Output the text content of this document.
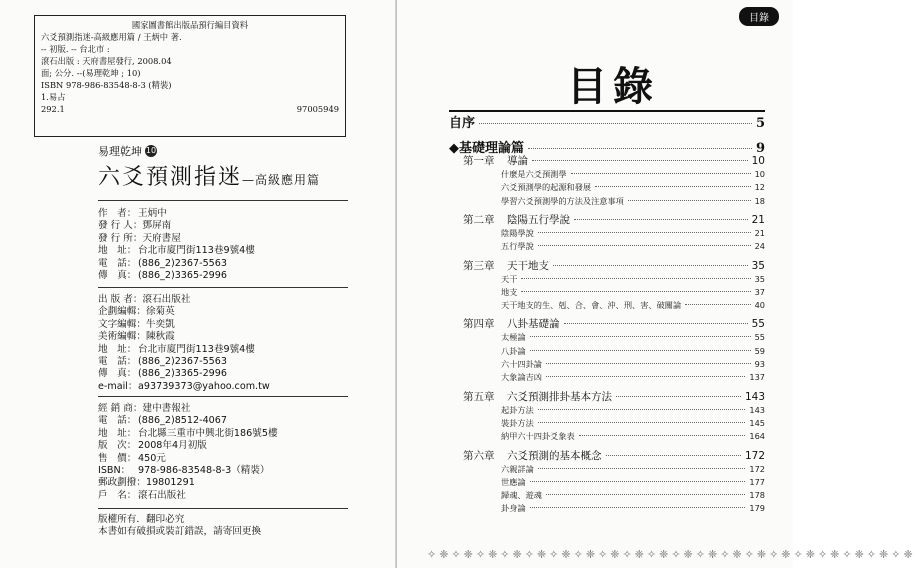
國家圖書館出版品預行編目資料
六爻預測指迷-高級應用篇 / 王炳中 著.
-- 初版. -- 台北市 :
滾石出版 : 天府書屋發行, 2008.04
面; 公分. --(易理乾坤 ; 10)
ISBN 978-986-83548-8-3 (精裝)
1.易占
292.1	97005949
易理乾坤 10
六爻預測指迷—高級應用篇
作　者： 王炳中
發 行 人：鄧屏南
發 行 所：天府書屋
地　址： 台北市廈門街113巷9號4樓
電　話： (886_2)2367-5563
傳　真： (886_2)3365-2996
出 版 者：滾石出版社
企劃編輯：徐菊英
文字編輯：牛奕凱
美術編輯：陳秋霞
地　址： 台北市廈門街113巷9號4樓
電　話： (886_2)2367-5563
傳　真： (886_2)3365-2996
e-mail：a93739373@yahoo.com.tw
經 銷 商：建中書報社
電　話： (886_2)8512-4067
地　址： 台北縣三重市中興北街186號5樓
版　次： 2008年4月初版
售　價： 450元
ISBN： 978-986-83548-8-3（精裝）
郵政劃撥：19801291
戶　名： 滾石出版社
版權所有．翻印必究
本書如有破損或裝訂錯誤，請寄回更換
目錄
目錄
自序	5
◆基礎理論篇	9
第一章 導論	10
什麼是六爻預測學	10
六爻預測學的起源和發展	12
學習六爻預測學的方法及注意事項	18
第二章 陰陽五行學說	21
陰陽學說	21
五行學說	24
第三章 天干地支	35
天干	35
地支	37
天干地支的生、剋、合、會、沖、刑、害、破關論	40
第四章 八卦基礎論	55
太極論	55
八卦論	59
六十四卦論	93
大象論吉凶	137
第五章 六爻預測排卦基本方法	143
起卦方法	143
裝卦方法	145
納甲六十四卦爻象表	164
第六章 六爻預測的基本概念	172
六親詳論	172
世應論	177
歸魂、遊魂	178
卦身論	179
✧❈✧❈✧❈✧❈✧❈✧❈✧❈✧❈✧❈✧❈✧❈✧❈✧❈✧❈✧❈✧❈✧❈✧❈✧❈✧❈
